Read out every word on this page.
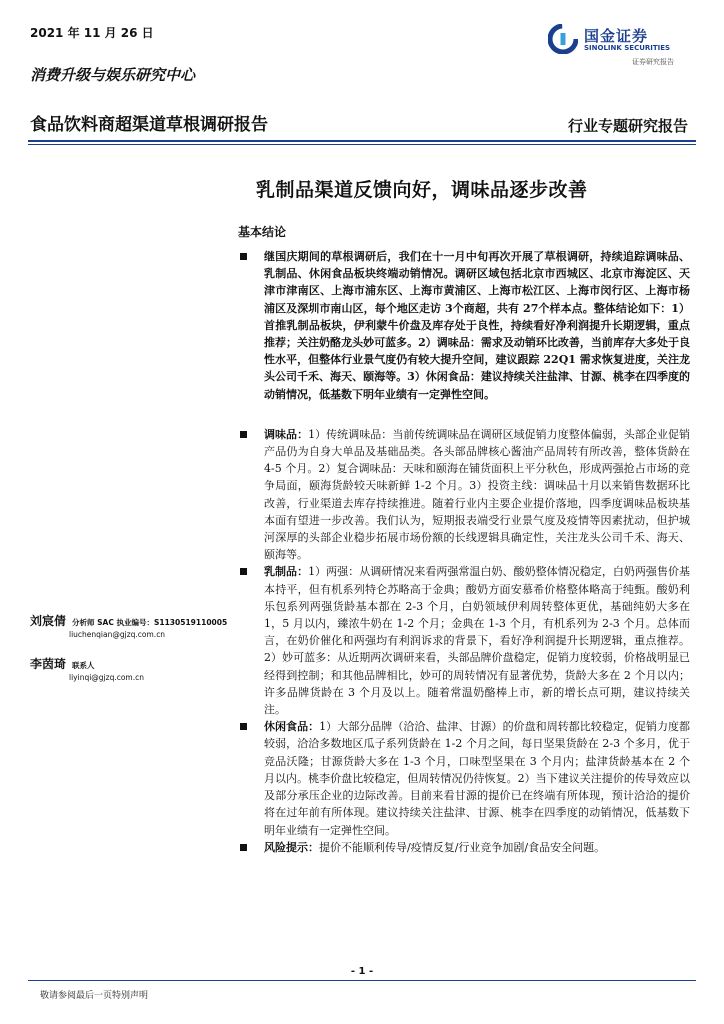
2021 年 11 月 26 日	国金证券
SINOLINK SECURITIES
证券研究报告
消费升级与娱乐研究中心
食品饮料商超渠道草根调研报告	行业专题研究报告
乳制品渠道反馈向好，调味品逐步改善
基本结论
继国庆期间的草根调研后，我们在十一月中旬再次开展了草根调研，持续追踪调味品、乳制品、休闲食品板块终端动销情况。调研区域包括北京市西城区、北京市海淀区、天津市津南区、上海市浦东区、上海市黄浦区、上海市松江区、上海市闵行区、上海市杨浦区及深圳市南山区，每个地区走访 3个商超，共有 27个样本点。整体结论如下：1）首推乳制品板块，伊利蒙牛价盘及库存处于良性，持续看好净利润提升长期逻辑，重点推荐；关注奶酪龙头妙可蓝多。2）调味品：需求及动销环比改善，当前库存大多处于良性水平，但整体行业景气度仍有较大提升空间，建议跟踪 22Q1 需求恢复进度，关注龙头公司千禾、海天、颐海等。3）休闲食品：建议持续关注盐津、甘源、桃李在四季度的动销情况，低基数下明年业绩有一定弹性空间。
调味品：1）传统调味品：当前传统调味品在调研区域促销力度整体偏弱，头部企业促销产品仍为自身大单品及基础品类。各头部品牌核心酱油产品周转有所改善，整体货龄在 4-5 个月。2）复合调味品：天味和颐海在铺货面积上平分秋色，形成两强抢占市场的竞争局面，颐海货龄较天味新鲜 1-2 个月。3）投资主线：调味品十月以来销售数据环比改善，行业渠道去库存持续推进。随着行业内主要企业提价落地，四季度调味品板块基本面有望进一步改善。我们认为，短期报表端受行业景气度及疫情等因素扰动，但护城河深厚的头部企业稳步拓展市场份额的长线逻辑具确定性，关注龙头公司千禾、海天、颐海等。
乳制品：1）两强：从调研情况来看两强常温白奶、酸奶整体情况稳定，白奶两强售价基本持平，但有机系列特仑苏略高于金典；酸奶方面安慕希价格整体略高于纯甄。酸奶利乐包系列两强货龄基本都在 2-3 个月，白奶领域伊利周转整体更优，基础纯奶大多在 1，5 月以内，臻浓牛奶在 1-2 个月；金典在 1-3 个月，有机系列为 2-3 个月。总体而言，在奶价催化和两强均有利润诉求的背景下，看好净利润提升长期逻辑，重点推荐。2）妙可蓝多：从近期两次调研来看，头部品牌价盘稳定，促销力度较弱，价格战明显已经得到控制；和其他品牌相比，妙可的周转情况有显著优势，货龄大多在 2 个月以内；许多品牌货龄在 3 个月及以上。随着常温奶酪棒上市，新的增长点可期，建议持续关注。
休闲食品：1）大部分品牌（洽洽、盐津、甘源）的价盘和周转都比较稳定，促销力度都较弱，洽洽多数地区瓜子系列货龄在 1-2 个月之间，每日坚果货龄在 2-3 个多月，优于竞品沃隆；甘源货龄大多在 1-3 个月，口味型坚果在 3 个月内；盐津货龄基本在 2 个月以内。桃李价盘比较稳定，但周转情况仍待恢复。2）当下建议关注提价的传导效应以及部分承压企业的边际改善。目前来看甘源的提价已在终端有所体现，预计洽洽的提价将在过年前有所体现。建议持续关注盐津、甘源、桃李在四季度的动销情况，低基数下明年业绩有一定弹性空间。
风险提示：提价不能顺利传导/疫情反复/行业竞争加剧/食品安全问题。
刘宸倩 分析师 SAC 执业编号：S1130519110005
liuchenqian@gjzq.com.cn
李茵琦 联系人
liyinqi@gjzq.com.cn
- 1 -
敬请参阅最后一页特别声明
